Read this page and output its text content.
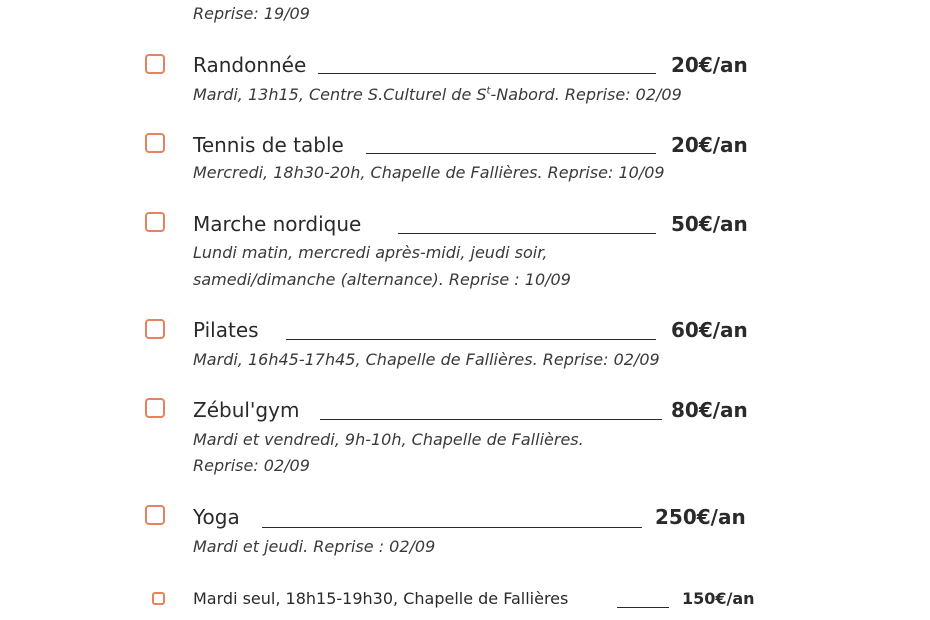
Reprise: 19/09
Randonnée	20€/an
Mardi, 13h15, Centre S.Culturel de $S^t$-Nabord. Reprise: 02/09
Tennis de table	20€/an
Mercredi, 18h30-20h, Chapelle de Fallières. Reprise: 10/09
Marche nordique	50€/an
Lundi matin, mercredi après-midi, jeudi soir,
samedi/dimanche (alternance). Reprise : 10/09
Pilates	60€/an
Mardi, 16h45-17h45, Chapelle de Fallières. Reprise: 02/09
Zébul'gym	80€/an
Mardi et vendredi, 9h-10h, Chapelle de Fallières.
Reprise: 02/09
Yoga	250€/an
Mardi et jeudi. Reprise : 02/09
Mardi seul, 18h15-19h30, Chapelle de Fallières	150€/an
